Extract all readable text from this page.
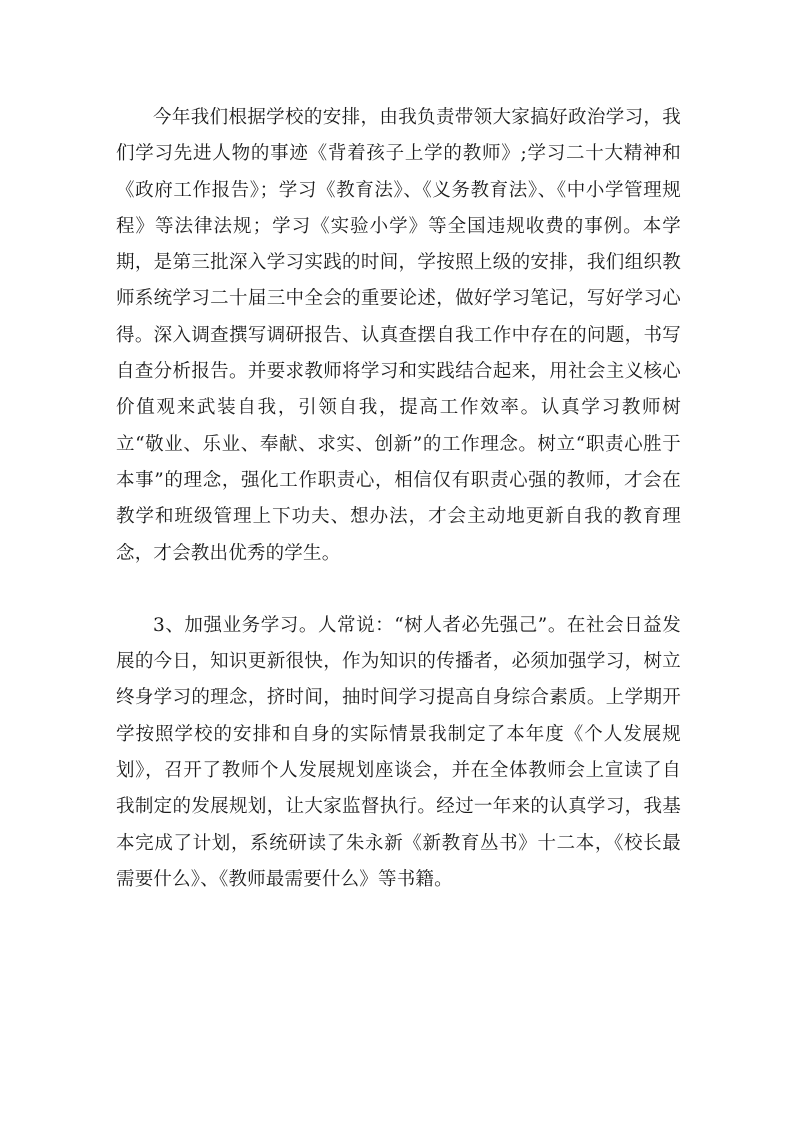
今年我们根据学校的安排，由我负责带领大家搞好政治学习，我们学习先进人物的事迹《背着孩子上学的教师》;学习二十大精神和《政府工作报告》；学习《教育法》、《义务教育法》、《中小学管理规程》等法律法规；学习《实验小学》等全国违规收费的事例。本学期，是第三批深入学习实践的时间，学按照上级的安排，我们组织教师系统学习二十届三中全会的重要论述，做好学习笔记，写好学习心得。深入调查撰写调研报告、认真查摆自我工作中存在的问题，书写自查分析报告。并要求教师将学习和实践结合起来，用社会主义核心价值观来武装自我，引领自我，提高工作效率。认真学习教师树立“敬业、乐业、奉献、求实、创新”的工作理念。树立“职责心胜于本事”的理念，强化工作职责心，相信仅有职责心强的教师，才会在教学和班级管理上下功夫、想办法，才会主动地更新自我的教育理念，才会教出优秀的学生。

3、加强业务学习。人常说：“树人者必先强己”。在社会日益发展的今日，知识更新很快，作为知识的传播者，必须加强学习，树立终身学习的理念，挤时间，抽时间学习提高自身综合素质。上学期开学按照学校的安排和自身的实际情景我制定了本年度《个人发展规划》，召开了教师个人发展规划座谈会，并在全体教师会上宣读了自我制定的发展规划，让大家监督执行。经过一年来的认真学习，我基本完成了计划，系统研读了朱永新《新教育丛书》十二本，《校长最需要什么》、《教师最需要什么》等书籍。
